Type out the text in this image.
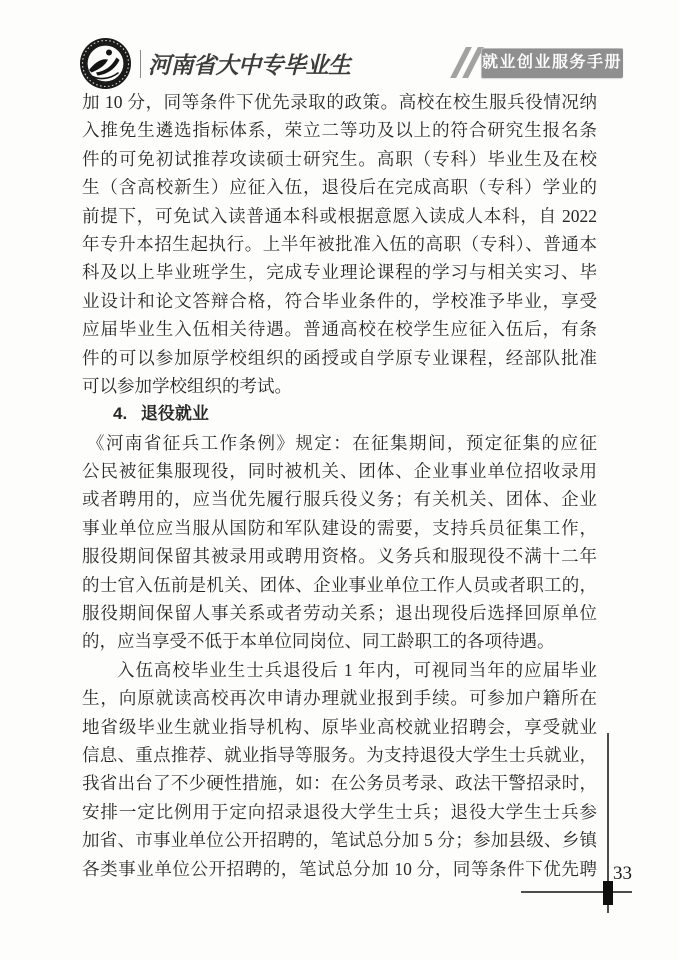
河南省大中专毕业生	就业创业服务手册
加 10 分，同等条件下优先录取的政策。高校在校生服兵役情况纳
入推免生遴选指标体系，荣立二等功及以上的符合研究生报名条
件的可免初试推荐攻读硕士研究生。高职（专科）毕业生及在校
生（含高校新生）应征入伍，退役后在完成高职（专科）学业的
前提下，可免试入读普通本科或根据意愿入读成人本科，自 2022
年专升本招生起执行。上半年被批准入伍的高职（专科）、普通本
科及以上毕业班学生，完成专业理论课程的学习与相关实习、毕
业设计和论文答辩合格，符合毕业条件的，学校准予毕业，享受
应届毕业生入伍相关待遇。普通高校在校学生应征入伍后，有条
件的可以参加原学校组织的函授或自学原专业课程，经部队批准
可以参加学校组织的考试。
4. 退役就业
《河南省征兵工作条例》规定：在征集期间，预定征集的应征
公民被征集服现役，同时被机关、团体、企业事业单位招收录用
或者聘用的，应当优先履行服兵役义务；有关机关、团体、企业
事业单位应当服从国防和军队建设的需要，支持兵员征集工作，
服役期间保留其被录用或聘用资格。义务兵和服现役不满十二年
的士官入伍前是机关、团体、企业事业单位工作人员或者职工的，
服役期间保留人事关系或者劳动关系；退出现役后选择回原单位
的，应当享受不低于本单位同岗位、同工龄职工的各项待遇。
入伍高校毕业生士兵退役后 1 年内，可视同当年的应届毕业
生，向原就读高校再次申请办理就业报到手续。可参加户籍所在
地省级毕业生就业指导机构、原毕业高校就业招聘会，享受就业
信息、重点推荐、就业指导等服务。为支持退役大学生士兵就业，
我省出台了不少硬性措施，如：在公务员考录、政法干警招录时，
安排一定比例用于定向招录退役大学生士兵；退役大学生士兵参
加省、市事业单位公开招聘的，笔试总分加 5 分；参加县级、乡镇
各类事业单位公开招聘的，笔试总分加 10 分，同等条件下优先聘 33
